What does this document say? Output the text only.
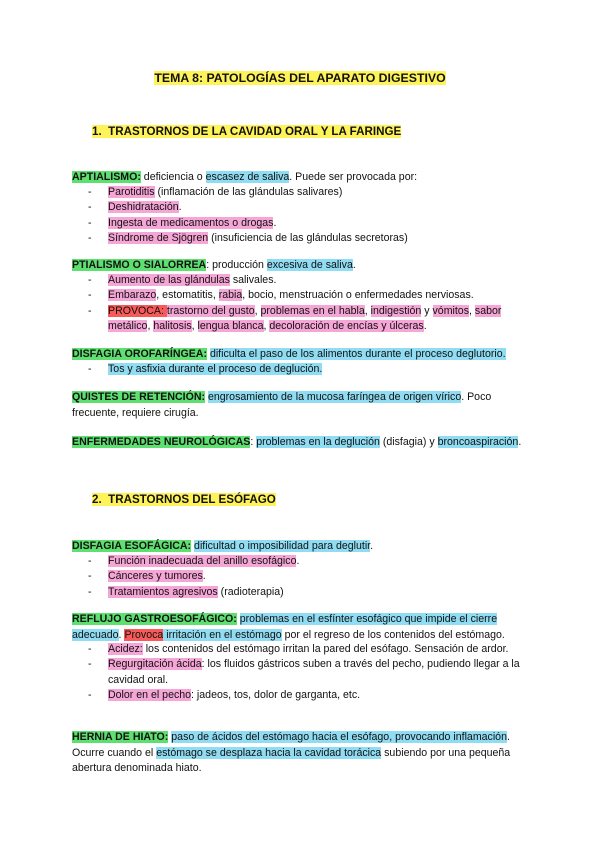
TEMA 8: PATOLOGÍAS DEL APARATO DIGESTIVO
1. TRASTORNOS DE LA CAVIDAD ORAL Y LA FARINGE
APTIALISMO: deficiencia o escasez de saliva. Puede ser provocada por:
- Parotiditis (inflamación de las glándulas salivares)
- Deshidratación.
- Ingesta de medicamentos o drogas.
- Síndrome de Sjögren (insuficiencia de las glándulas secretoras)
PTIALISMO O SIALORREA: producción excesiva de saliva.
- Aumento de las glándulas salivales.
- Embarazo, estomatitis, rabia, bocio, menstruación o enfermedades nerviosas.
- PROVOCA: trastorno del gusto, problemas en el habla, indigestión y vómitos, sabor metálico, halitosis, lengua blanca, decoloración de encías y úlceras.
DISFAGIA OROFARÍNGEA: dificulta el paso de los alimentos durante el proceso deglutorio.
- Tos y asfixia durante el proceso de deglución.
QUISTES DE RETENCIÓN: engrosamiento de la mucosa faríngea de origen vírico. Poco frecuente, requiere cirugía.
ENFERMEDADES NEUROLÓGICAS: problemas en la deglución (disfagia) y broncoaspiración.
2. TRASTORNOS DEL ESÓFAGO
DISFAGIA ESOFÁGICA: dificultad o imposibilidad para deglutir.
- Función inadecuada del anillo esofágico.
- Cánceres y tumores.
- Tratamientos agresivos (radioterapia)
REFLUJO GASTROESOFÁGICO: problemas en el esfínter esofágico que impide el cierre adecuado. Provoca irritación en el estómago por el regreso de los contenidos del estómago.
- Acidez: los contenidos del estómago irritan la pared del esófago. Sensación de ardor.
- Regurgitación ácida: los fluidos gástricos suben a través del pecho, pudiendo llegar a la cavidad oral.
- Dolor en el pecho: jadeos, tos, dolor de garganta, etc.
HERNIA DE HIATO: paso de ácidos del estómago hacia el esófago, provocando inflamación. Ocurre cuando el estómago se desplaza hacia la cavidad torácica subiendo por una pequeña abertura denominada hiato.
